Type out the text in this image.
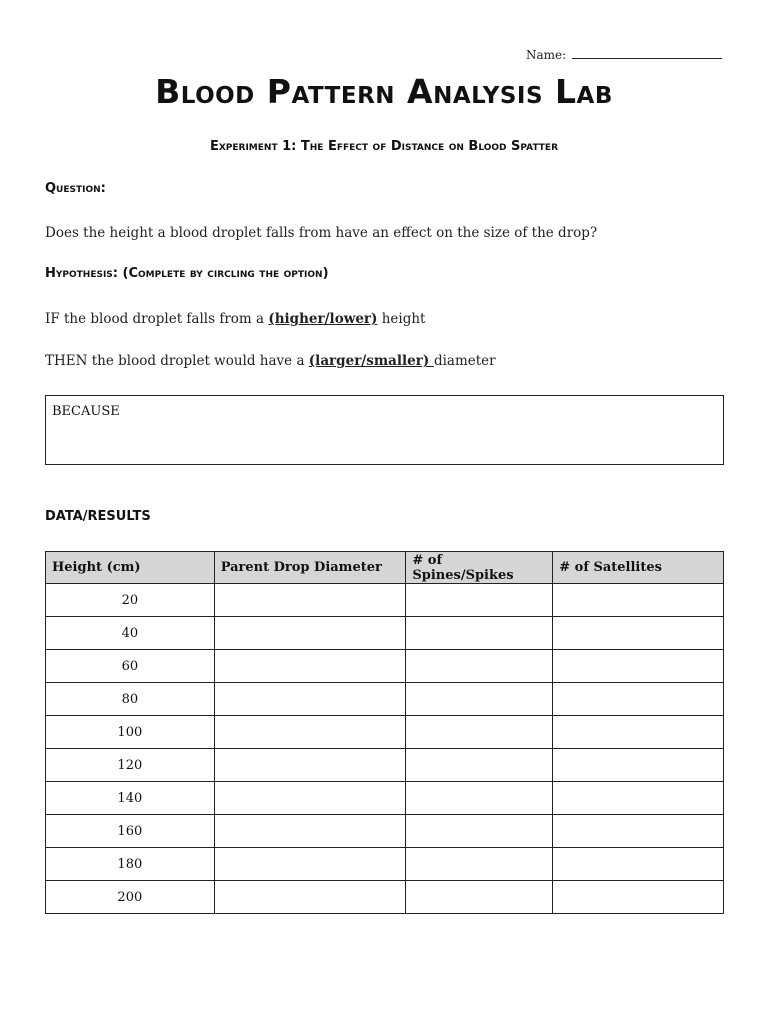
Name:
Blood Pattern Analysis Lab
Experiment 1: The Effect of Distance on Blood Spatter
Question:
Does the height a blood droplet falls from have an effect on the size of the drop?
Hypothesis: (Complete by circling the option)
IF the blood droplet falls from a (higher/lower) height
THEN the blood droplet would have a (larger/smaller) diameter
BECAUSE
DATA/RESULTS
Height (cm)	Parent Drop Diameter	# of Spines/Spikes	# of Satellites
20			
40			
60			
80			
100			
120			
140			
160			
180			
200			
